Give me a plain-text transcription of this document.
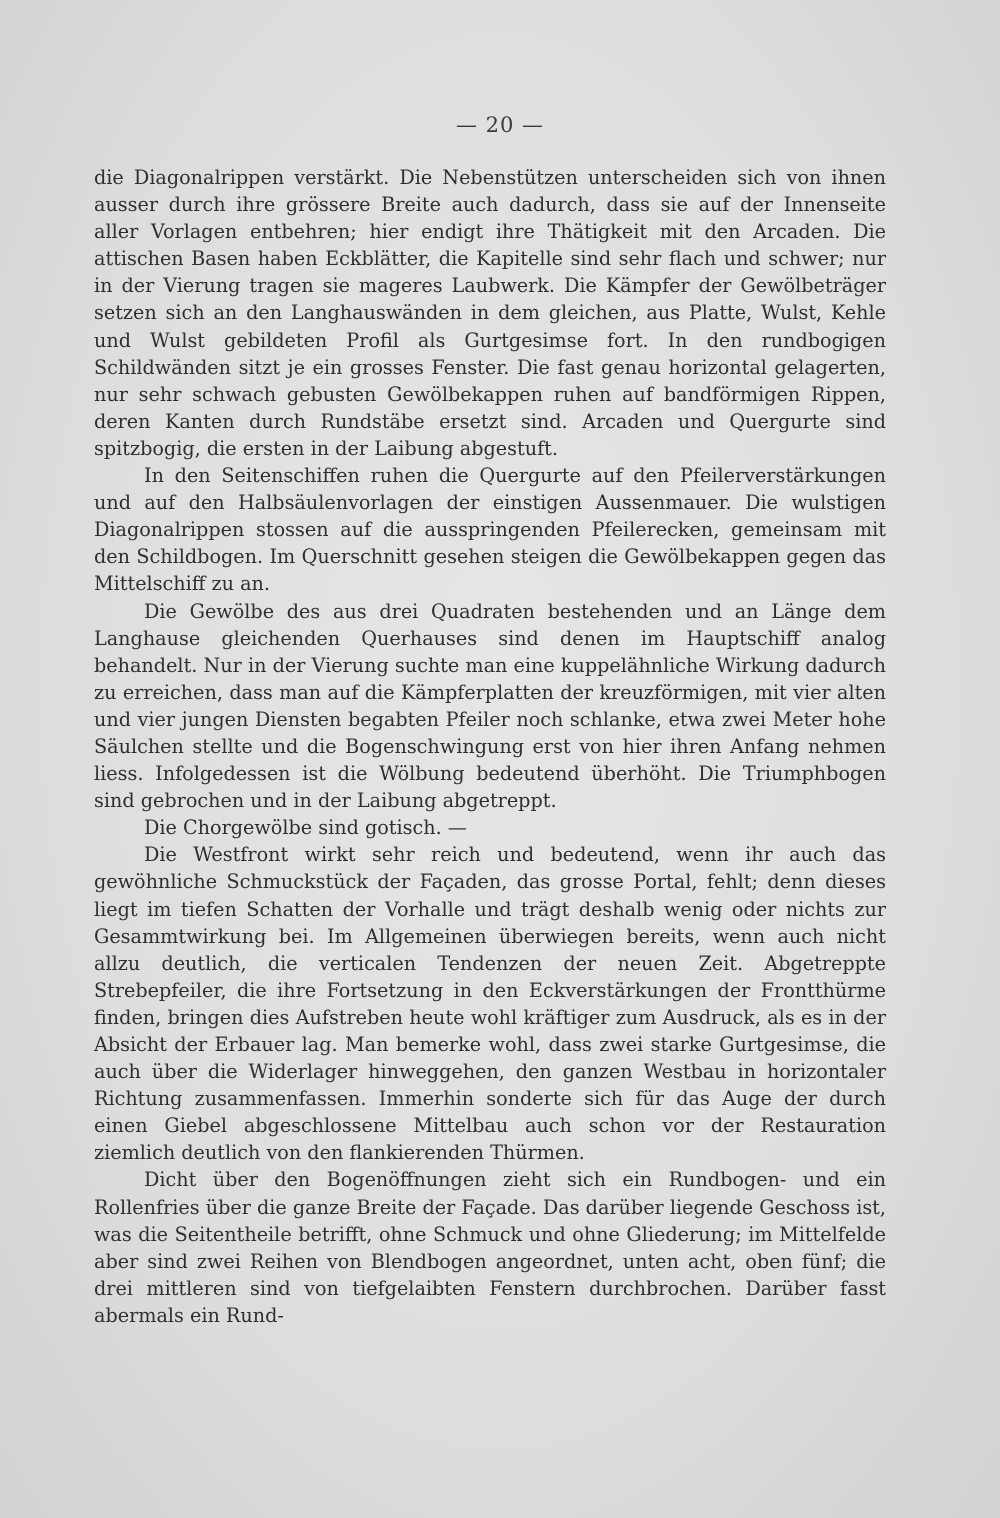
— 20 —

die Diagonalrippen verstärkt. Die Nebenstützen unterscheiden sich von ihnen ausser durch ihre grössere Breite auch dadurch, dass sie auf der Innenseite aller Vorlagen entbehren; hier endigt ihre Thätigkeit mit den Arcaden. Die attischen Basen haben Eckblätter, die Kapitelle sind sehr flach und schwer; nur in der Vierung tragen sie mageres Laubwerk. Die Kämpfer der Gewölbeträger setzen sich an den Langhauswänden in dem gleichen, aus Platte, Wulst, Kehle und Wulst gebildeten Profil als Gurtgesimse fort. In den rundbogigen Schildwänden sitzt je ein grosses Fenster. Die fast genau horizontal gelagerten, nur sehr schwach gebusten Gewölbekappen ruhen auf bandförmigen Rippen, deren Kanten durch Rundstäbe ersetzt sind. Arcaden und Quergurte sind spitzbogig, die ersten in der Laibung abgestuft.

In den Seitenschiffen ruhen die Quergurte auf den Pfeilerverstärkungen und auf den Halbsäulenvorlagen der einstigen Aussenmauer. Die wulstigen Diagonalrippen stossen auf die ausspringenden Pfeilerecken, gemeinsam mit den Schildbogen. Im Querschnitt gesehen steigen die Gewölbekappen gegen das Mittelschiff zu an.

Die Gewölbe des aus drei Quadraten bestehenden und an Länge dem Langhause gleichenden Querhauses sind denen im Hauptschiff analog behandelt. Nur in der Vierung suchte man eine kuppelähnliche Wirkung dadurch zu erreichen, dass man auf die Kämpferplatten der kreuzförmigen, mit vier alten und vier jungen Diensten begabten Pfeiler noch schlanke, etwa zwei Meter hohe Säulchen stellte und die Bogenschwingung erst von hier ihren Anfang nehmen liess. Infolgedessen ist die Wölbung bedeutend überhöht. Die Triumphbogen sind gebrochen und in der Laibung abgetreppt.

Die Chorgewölbe sind gotisch. —

Die Westfront wirkt sehr reich und bedeutend, wenn ihr auch das gewöhnliche Schmuckstück der Façaden, das grosse Portal, fehlt; denn dieses liegt im tiefen Schatten der Vorhalle und trägt deshalb wenig oder nichts zur Gesammtwirkung bei. Im Allgemeinen überwiegen bereits, wenn auch nicht allzu deutlich, die verticalen Tendenzen der neuen Zeit. Abgetreppte Strebepfeiler, die ihre Fortsetzung in den Eckverstärkungen der Frontthürme finden, bringen dies Aufstreben heute wohl kräftiger zum Ausdruck, als es in der Absicht der Erbauer lag. Man bemerke wohl, dass zwei starke Gurtgesimse, die auch über die Widerlager hinweggehen, den ganzen Westbau in horizontaler Richtung zusammenfassen. Immerhin sonderte sich für das Auge der durch einen Giebel abgeschlossene Mittelbau auch schon vor der Restauration ziemlich deutlich von den flankierenden Thürmen.

Dicht über den Bogenöffnungen zieht sich ein Rundbogen- und ein Rollenfries über die ganze Breite der Façade. Das darüber liegende Geschoss ist, was die Seitentheile betrifft, ohne Schmuck und ohne Gliederung; im Mittelfelde aber sind zwei Reihen von Blendbogen angeordnet, unten acht, oben fünf; die drei mittleren sind von tiefgelaibten Fenstern durchbrochen. Darüber fasst abermals ein Rund-
